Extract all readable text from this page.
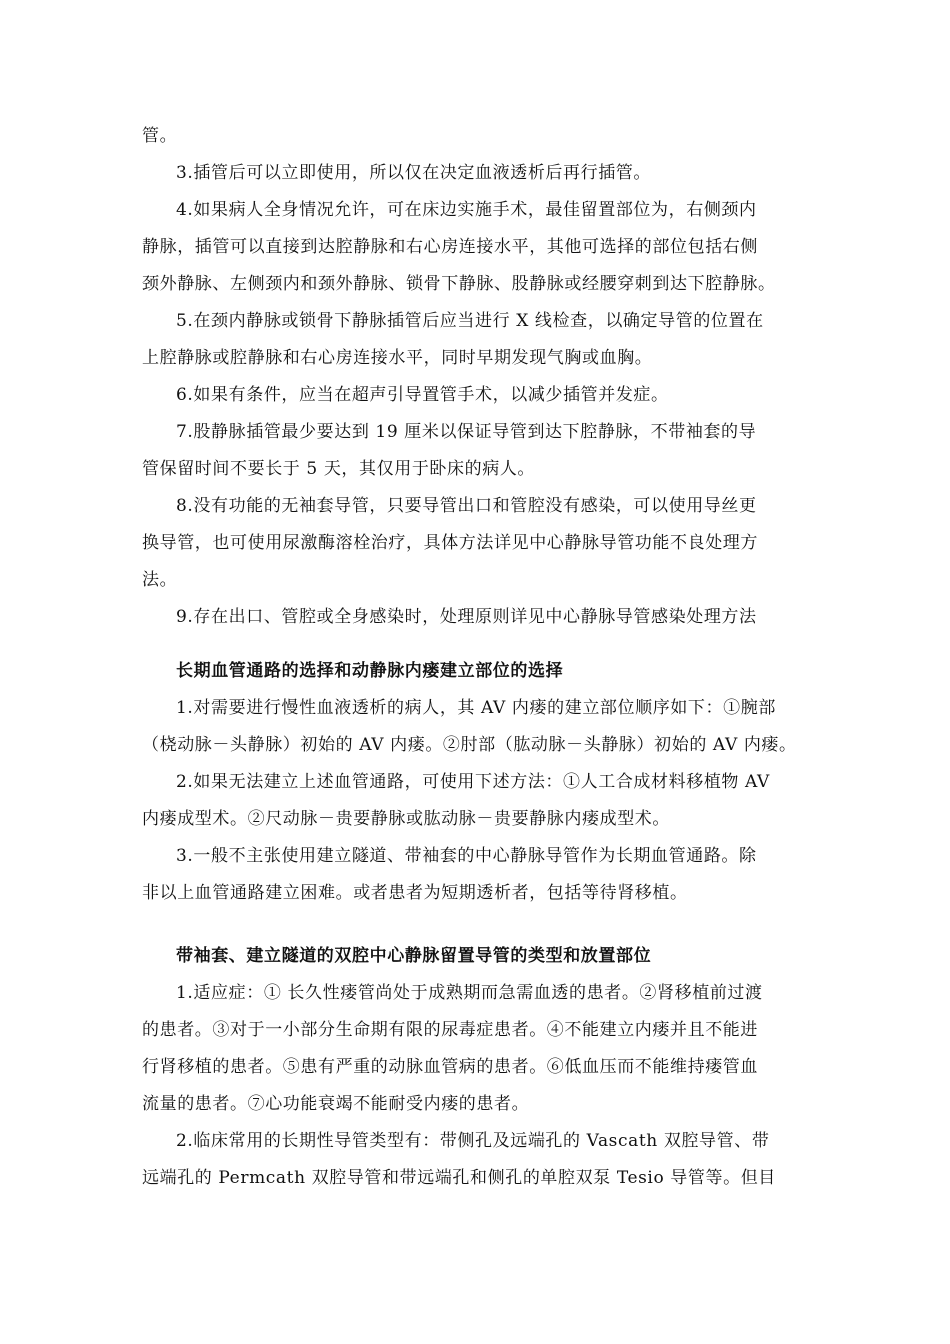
管。
3.插管后可以立即使用，所以仅在决定血液透析后再行插管。
4.如果病人全身情况允许，可在床边实施手术，最佳留置部位为，右侧颈内
静脉，插管可以直接到达腔静脉和右心房连接水平，其他可选择的部位包括右侧
颈外静脉、左侧颈内和颈外静脉、锁骨下静脉、股静脉或经腰穿刺到达下腔静脉。
5.在颈内静脉或锁骨下静脉插管后应当进行 X 线检查，以确定导管的位置在
上腔静脉或腔静脉和右心房连接水平，同时早期发现气胸或血胸。
6.如果有条件，应当在超声引导置管手术，以减少插管并发症。
7.股静脉插管最少要达到 19 厘米以保证导管到达下腔静脉，不带袖套的导
管保留时间不要长于 5 天，其仅用于卧床的病人。
8.没有功能的无袖套导管，只要导管出口和管腔没有感染，可以使用导丝更
换导管，也可使用尿激酶溶栓治疗，具体方法详见中心静脉导管功能不良处理方
法。
9.存在出口、管腔或全身感染时，处理原则详见中心静脉导管感染处理方法
长期血管通路的选择和动静脉内瘘建立部位的选择
1.对需要进行慢性血液透析的病人，其 AV 内瘘的建立部位顺序如下：①腕部
（桡动脉－头静脉）初始的 AV 内瘘。②肘部（肱动脉－头静脉）初始的 AV 内瘘。
2.如果无法建立上述血管通路，可使用下述方法：①人工合成材料移植物 AV
内瘘成型术。②尺动脉－贵要静脉或肱动脉－贵要静脉内瘘成型术。
3.一般不主张使用建立隧道、带袖套的中心静脉导管作为长期血管通路。除
非以上血管通路建立困难。或者患者为短期透析者，包括等待肾移植。
带袖套、建立隧道的双腔中心静脉留置导管的类型和放置部位
1.适应症：① 长久性瘘管尚处于成熟期而急需血透的患者。②肾移植前过渡
的患者。③对于一小部分生命期有限的尿毒症患者。④不能建立内瘘并且不能进
行肾移植的患者。⑤患有严重的动脉血管病的患者。⑥低血压而不能维持瘘管血
流量的患者。⑦心功能衰竭不能耐受内瘘的患者。
2.临床常用的长期性导管类型有：带侧孔及远端孔的 Vascath 双腔导管、带
远端孔的 Permcath 双腔导管和带远端孔和侧孔的单腔双泵 Tesio 导管等。但目
